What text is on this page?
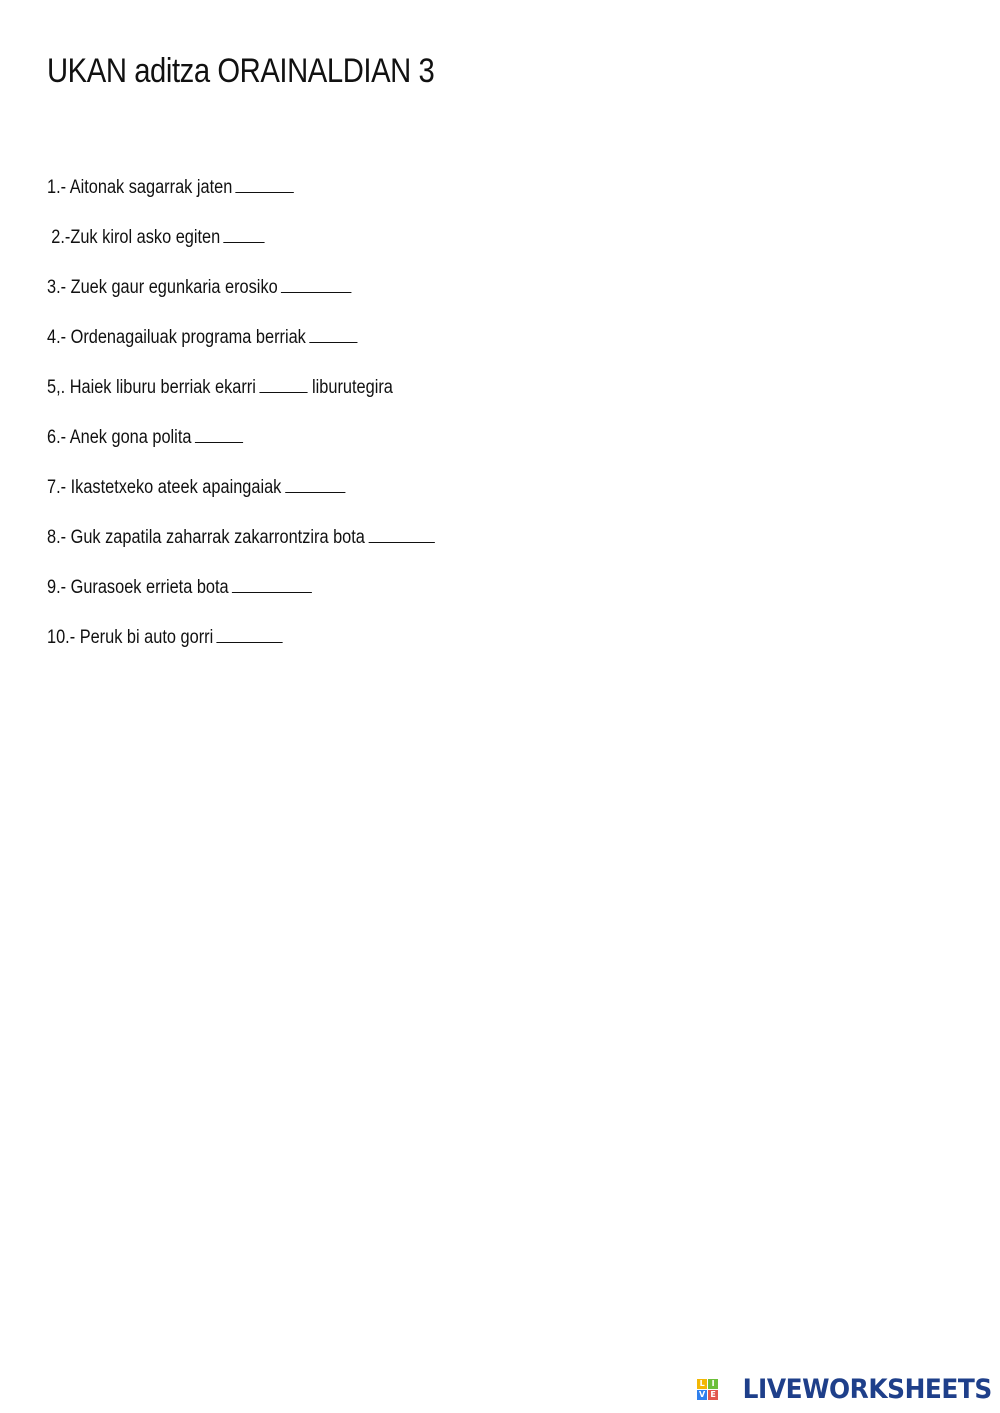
UKAN aditza ORAINALDIAN 3
1.- Aitonak sagarrak jaten
2.-Zuk kirol asko egiten
3.- Zuek gaur egunkaria erosiko
4.- Ordenagailuak programa berriak
5,. Haiek liburu berriak ekarri	liburutegira
6.- Anek gona polita
7.- Ikastetxeko ateek apaingaiak
8.- Guk zapatila zaharrak zakarrontzira bota
9.- Gurasoek errieta bota
10.- Peruk bi auto gorri
L I
V E LIVEWORKSHEETS
